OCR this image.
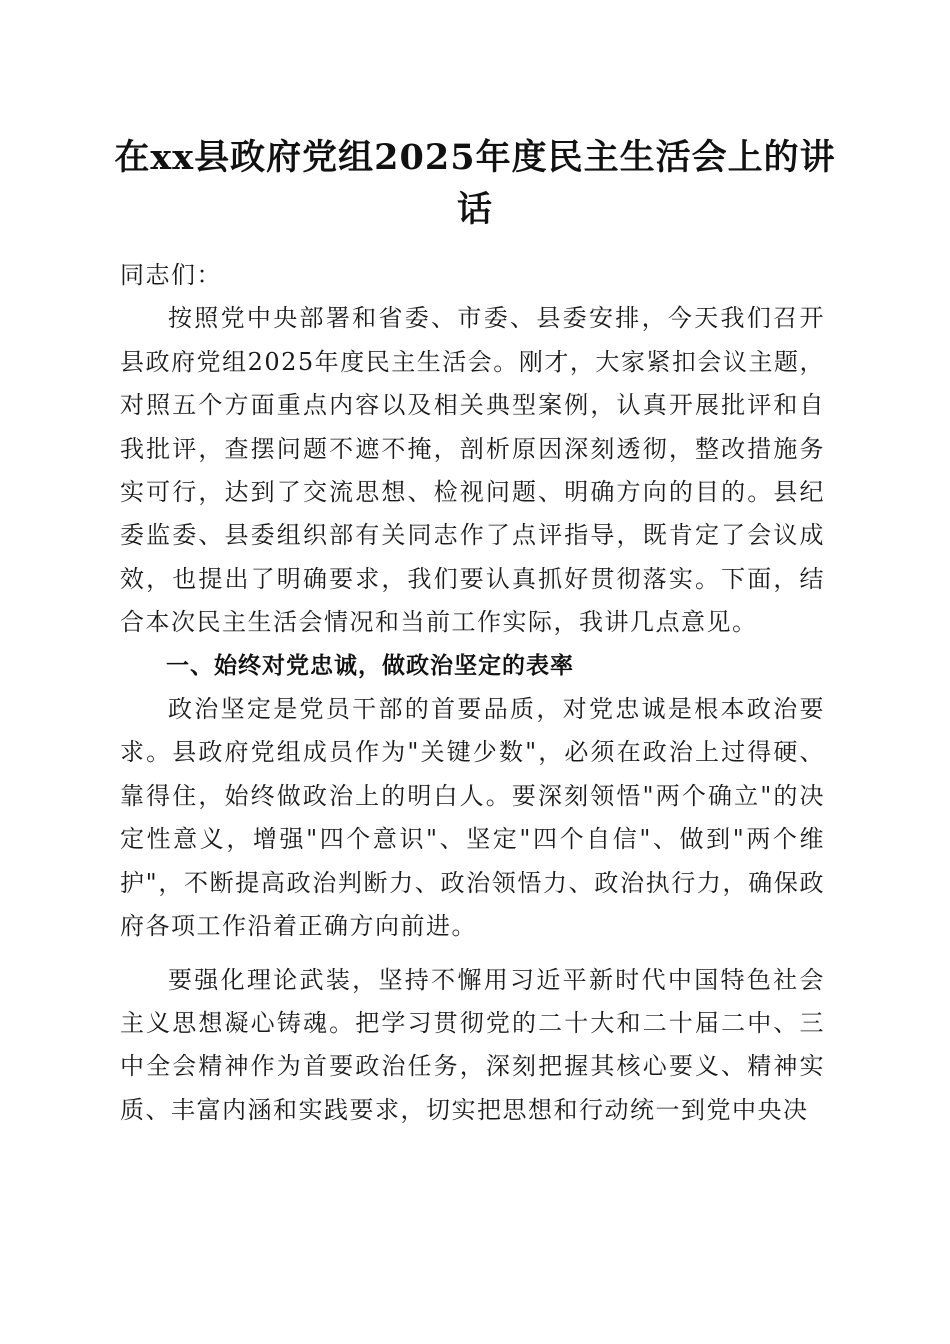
在xx县政府党组2025年度民主生活会上的讲话

同志们：

按照党中央部署和省委、市委、县委安排，今天我们召开县政府党组2025年度民主生活会。刚才，大家紧扣会议主题，对照五个方面重点内容以及相关典型案例，认真开展批评和自我批评，查摆问题不遮不掩，剖析原因深刻透彻，整改措施务实可行，达到了交流思想、检视问题、明确方向的目的。县纪委监委、县委组织部有关同志作了点评指导，既肯定了会议成效，也提出了明确要求，我们要认真抓好贯彻落实。下面，结合本次民主生活会情况和当前工作实际，我讲几点意见。

一、始终对党忠诚，做政治坚定的表率

政治坚定是党员干部的首要品质，对党忠诚是根本政治要求。县政府党组成员作为"关键少数"，必须在政治上过得硬、靠得住，始终做政治上的明白人。要深刻领悟"两个确立"的决定性意义，增强"四个意识"、坚定"四个自信"、做到"两个维护"，不断提高政治判断力、政治领悟力、政治执行力，确保政府各项工作沿着正确方向前进。

要强化理论武装，坚持不懈用习近平新时代中国特色社会主义思想凝心铸魂。把学习贯彻党的二十大和二十届二中、三中全会精神作为首要政治任务，深刻把握其核心要义、精神实质、丰富内涵和实践要求，切实把思想和行动统一到党中央决
